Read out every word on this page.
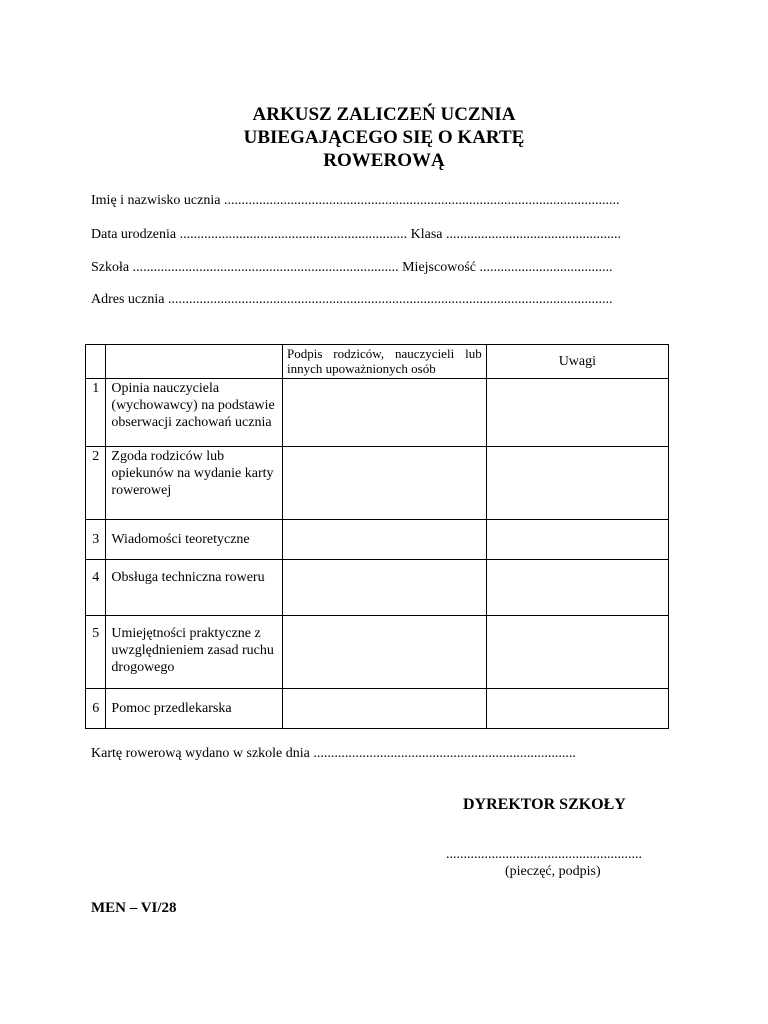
ARKUSZ ZALICZEŃ UCZNIA
UBIEGAJĄCEGO SIĘ O KARTĘ
ROWEROWĄ
Imię i nazwisko ucznia .................................................................................................................
Data urodzenia ................................................................. Klasa ..................................................
Szkoła ............................................................................ Miejscowość ......................................
Adres ucznia ...............................................................................................................................
		Podpis rodziców, nauczycieli lub innych upoważnionych osób	Uwagi
1	Opinia nauczyciela (wychowawcy) na podstawie obserwacji zachowań ucznia		
2	Zgoda rodziców lub opiekunów na wydanie karty rowerowej		
3	Wiadomości teoretyczne		
4	Obsługa techniczna roweru		
5	Umiejętności praktyczne z uwzględnieniem zasad ruchu drogowego		
6	Pomoc przedlekarska		
Kartę rowerową wydano w szkole dnia ...........................................................................
DYREKTOR SZKOŁY
........................................................
(pieczęć, podpis)
MEN – VI/28
